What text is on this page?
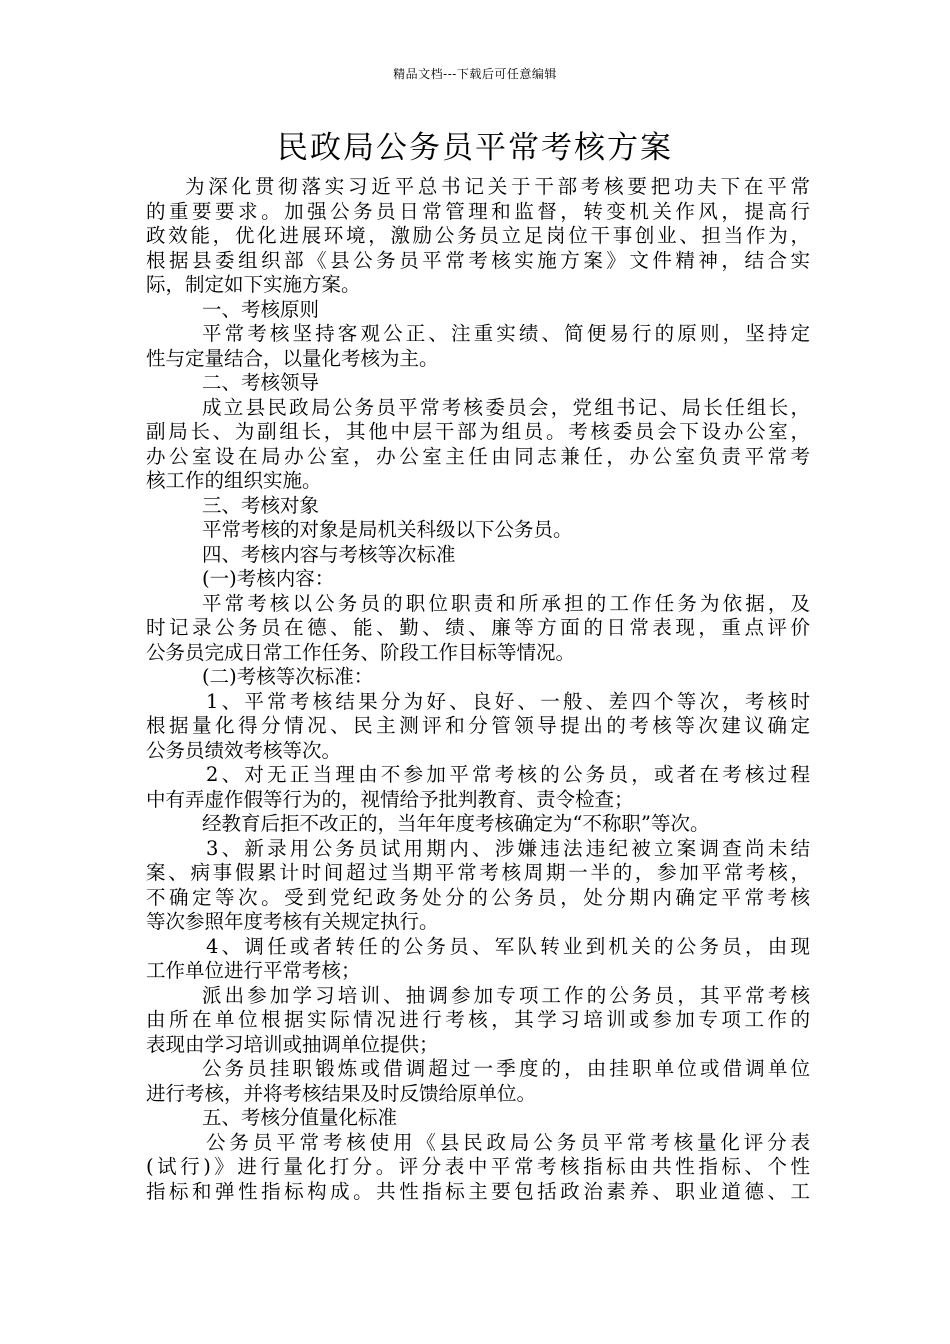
精品文档---下载后可任意编辑
民政局公务员平常考核方案
为深化贯彻落实习近平总书记关于干部考核要把功夫下在平常
的重要要求。加强公务员日常管理和监督，转变机关作风，提高行
政效能，优化进展环境，激励公务员立足岗位干事创业、担当作为，
根据县委组织部《县公务员平常考核实施方案》文件精神，结合实
际，制定如下实施方案。
一、考核原则
平常考核坚持客观公正、注重实绩、简便易行的原则，坚持定
性与定量结合，以量化考核为主。
二、考核领导
成立县民政局公务员平常考核委员会，党组书记、局长任组长，
副局长、为副组长，其他中层干部为组员。考核委员会下设办公室，
办公室设在局办公室，办公室主任由同志兼任，办公室负责平常考
核工作的组织实施。
三、考核对象
平常考核的对象是局机关科级以下公务员。
四、考核内容与考核等次标准
(一)考核内容：
平常考核以公务员的职位职责和所承担的工作任务为依据，及
时记录公务员在德、能、勤、绩、廉等方面的日常表现，重点评价
公务员完成日常工作任务、阶段工作目标等情况。
(二)考核等次标准：
1、平常考核结果分为好、良好、一般、差四个等次，考核时
根据量化得分情况、民主测评和分管领导提出的考核等次建议确定
公务员绩效考核等次。
2、对无正当理由不参加平常考核的公务员，或者在考核过程
中有弄虚作假等行为的，视情给予批判教育、责令检查；
经教育后拒不改正的，当年年度考核确定为“不称职”等次。
3、新录用公务员试用期内、涉嫌违法违纪被立案调查尚未结
案、病事假累计时间超过当期平常考核周期一半的，参加平常考核，
不确定等次。受到党纪政务处分的公务员，处分期内确定平常考核
等次参照年度考核有关规定执行。
4、调任或者转任的公务员、军队转业到机关的公务员，由现
工作单位进行平常考核；
派出参加学习培训、抽调参加专项工作的公务员，其平常考核
由所在单位根据实际情况进行考核，其学习培训或参加专项工作的
表现由学习培训或抽调单位提供；
公务员挂职锻炼或借调超过一季度的，由挂职单位或借调单位
进行考核，并将考核结果及时反馈给原单位。
五、考核分值量化标准
公务员平常考核使用《县民政局公务员平常考核量化评分表
(试行)》进行量化打分。评分表中平常考核指标由共性指标、个性
指标和弹性指标构成。共性指标主要包括政治素养、职业道德、工
